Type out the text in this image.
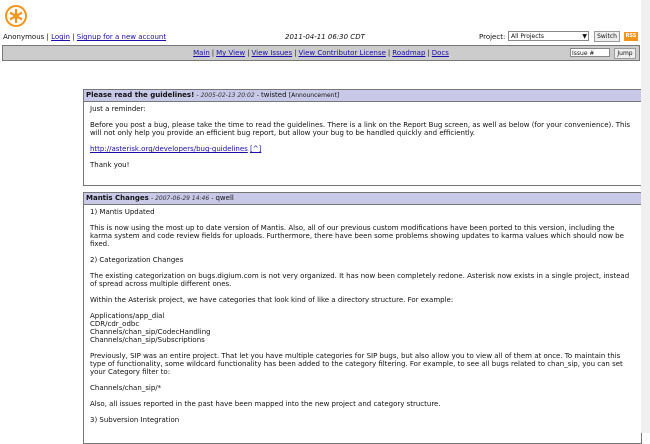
Anonymous | Login | Signup for a new account	2011-04-11 06:30 CDT	Project: All Projects	▼	Switch	RSS
Main | My View | View Issues | View Contributor License | Roadmap | Docs	Issue #	Jump
Please read the guidelines! - 2005-02-13 20:02 - twisted [Announcement]

Just a reminder:

Before you post a bug, please take the time to read the guidelines. There is a link on the Report Bug screen, as well as below (for your convenience). This will not only help you provide an efficient bug report, but allow your bug to be handled quickly and efficiently.

http://asterisk.org/developers/bug-guidelines [^]

Thank you!

Mantis Changes - 2007-06-29 14:46 - qwell

1) Mantis Updated

This is now using the most up to date version of Mantis. Also, all of our previous custom modifications have been ported to this version, including the karma system and code review fields for uploads. Furthermore, there have been some problems showing updates to karma values which should now be fixed.

2) Categorization Changes

The existing categorization on bugs.digium.com is not very organized. It has now been completely redone. Asterisk now exists in a single project, instead of spread across multiple different ones.

Within the Asterisk project, we have categories that look kind of like a directory structure. For example:

Applications/app_dial
CDR/cdr_odbc
Channels/chan_sip/CodecHandling
Channels/chan_sip/Subscriptions

Previously, SIP was an entire project. That let you have multiple categories for SIP bugs, but also allow you to view all of them at once. To maintain this type of functionality, some wildcard functionality has been added to the category filtering. For example, to see all bugs related to chan_sip, you can set your Category filter to:

Channels/chan_sip/*

Also, all issues reported in the past have been mapped into the new project and category structure.

3) Subversion Integration
